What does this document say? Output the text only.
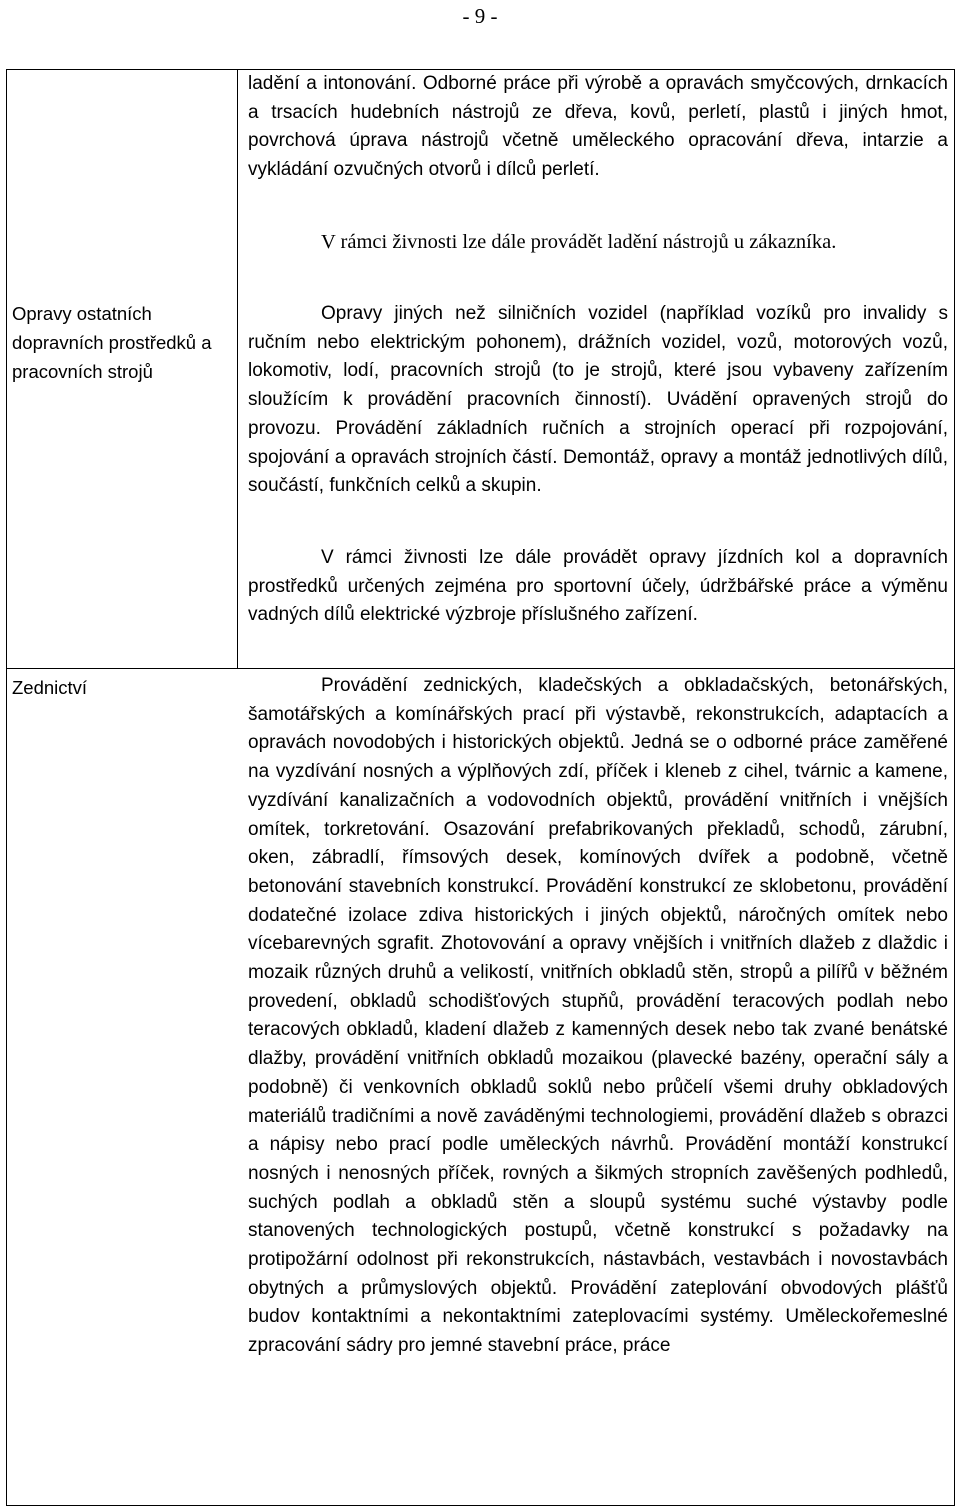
- 9 -

ladění a intonování. Odborné práce při výrobě a opravách smyčcových, drnkacích a trsacích hudebních nástrojů ze dřeva, kovů, perletí, plastů i jiných hmot, povrchová úprava nástrojů včetně uměleckého opracování dřeva, intarzie a vykládání ozvučných otvorů i dílců perletí.

V rámci živnosti lze dále provádět ladění nástrojů u zákazníka.

Opravy ostatních dopravních prostředků a pracovních strojů

Opravy jiných než silničních vozidel (například vozíků pro invalidy s ručním nebo elektrickým pohonem), drážních vozidel, vozů, motorových vozů, lokomotiv, lodí, pracovních strojů (to je strojů, které jsou vybaveny zařízením sloužícím k provádění pracovních činností). Uvádění opravených strojů do provozu. Provádění základních ručních a strojních operací při rozpojování, spojování a opravách strojních částí. Demontáž, opravy a montáž jednotlivých dílů, součástí, funkčních celků a skupin.

V rámci živnosti lze dále provádět opravy jízdních kol a dopravních prostředků určených zejména pro sportovní účely, údržbářské práce a výměnu vadných dílů elektrické výzbroje příslušného zařízení.

Zednictví	Provádění zednických, kladečských a obkladačských, betonářských, šamotářských a komínářských prací při výstavbě, rekonstrukcích, adaptacích a opravách novodobých i historických objektů. Jedná se o odborné práce zaměřené na vyzdívání nosných a výplňových zdí, příček i kleneb z cihel, tvárnic a kamene, vyzdívání kanalizačních a vodovodních objektů, provádění vnitřních i vnějších omítek, torkretování. Osazování prefabrikovaných překladů, schodů, zárubní, oken, zábradlí, římsových desek, komínových dvířek a podobně, včetně betonování stavebních konstrukcí. Provádění konstrukcí ze sklobetonu, provádění dodatečné izolace zdiva historických i jiných objektů, náročných omítek nebo vícebarevných sgrafit. Zhotovování a opravy vnějších i vnitřních dlažeb z dlaždic i mozaik různých druhů a velikostí, vnitřních obkladů stěn, stropů a pilířů v běžném provedení, obkladů schodišťových stupňů, provádění teracových podlah nebo teracových obkladů, kladení dlažeb z kamenných desek nebo tak zvané benátské dlažby, provádění vnitřních obkladů mozaikou (plavecké bazény, operační sály a podobně) či venkovních obkladů soklů nebo průčelí všemi druhy obkladových materiálů tradičními a nově zaváděnými technologiemi, provádění dlažeb s obrazci a nápisy nebo prací podle uměleckých návrhů. Provádění montáží konstrukcí nosných i nenosných příček, rovných a šikmých stropních zavěšených podhledů, suchých podlah a obkladů stěn a sloupů systému suché výstavby podle stanovených technologických postupů, včetně konstrukcí s požadavky na protipožární odolnost při rekonstrukcích, nástavbách, vestavbách i novostavbách obytných a průmyslových objektů. Provádění zateplování obvodových plášťů budov kontaktními a nekontaktními zateplovacími systémy. Uměleckořemeslné zpracování sádry pro jemné stavební práce, práce
